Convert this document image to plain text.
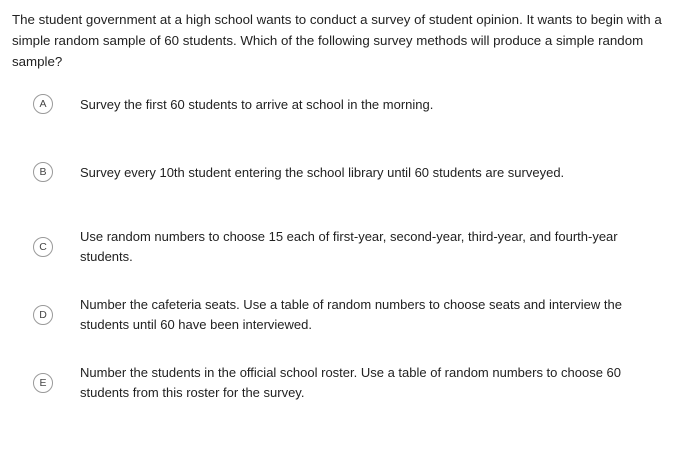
The student government at a high school wants to conduct a survey of student opinion. It wants to begin with a simple random sample of 60 students. Which of the following survey methods will produce a simple random sample?

A	Survey the first 60 students to arrive at school in the morning.
B	Survey every 10th student entering the school library until 60 students are surveyed.
C
Use random numbers to choose 15 each of first-year, second-year, third-year, and fourth-year students.
D
Number the cafeteria seats. Use a table of random numbers to choose seats and interview the students until 60 have been interviewed.
E
Number the students in the official school roster. Use a table of random numbers to choose 60 students from this roster for the survey.
